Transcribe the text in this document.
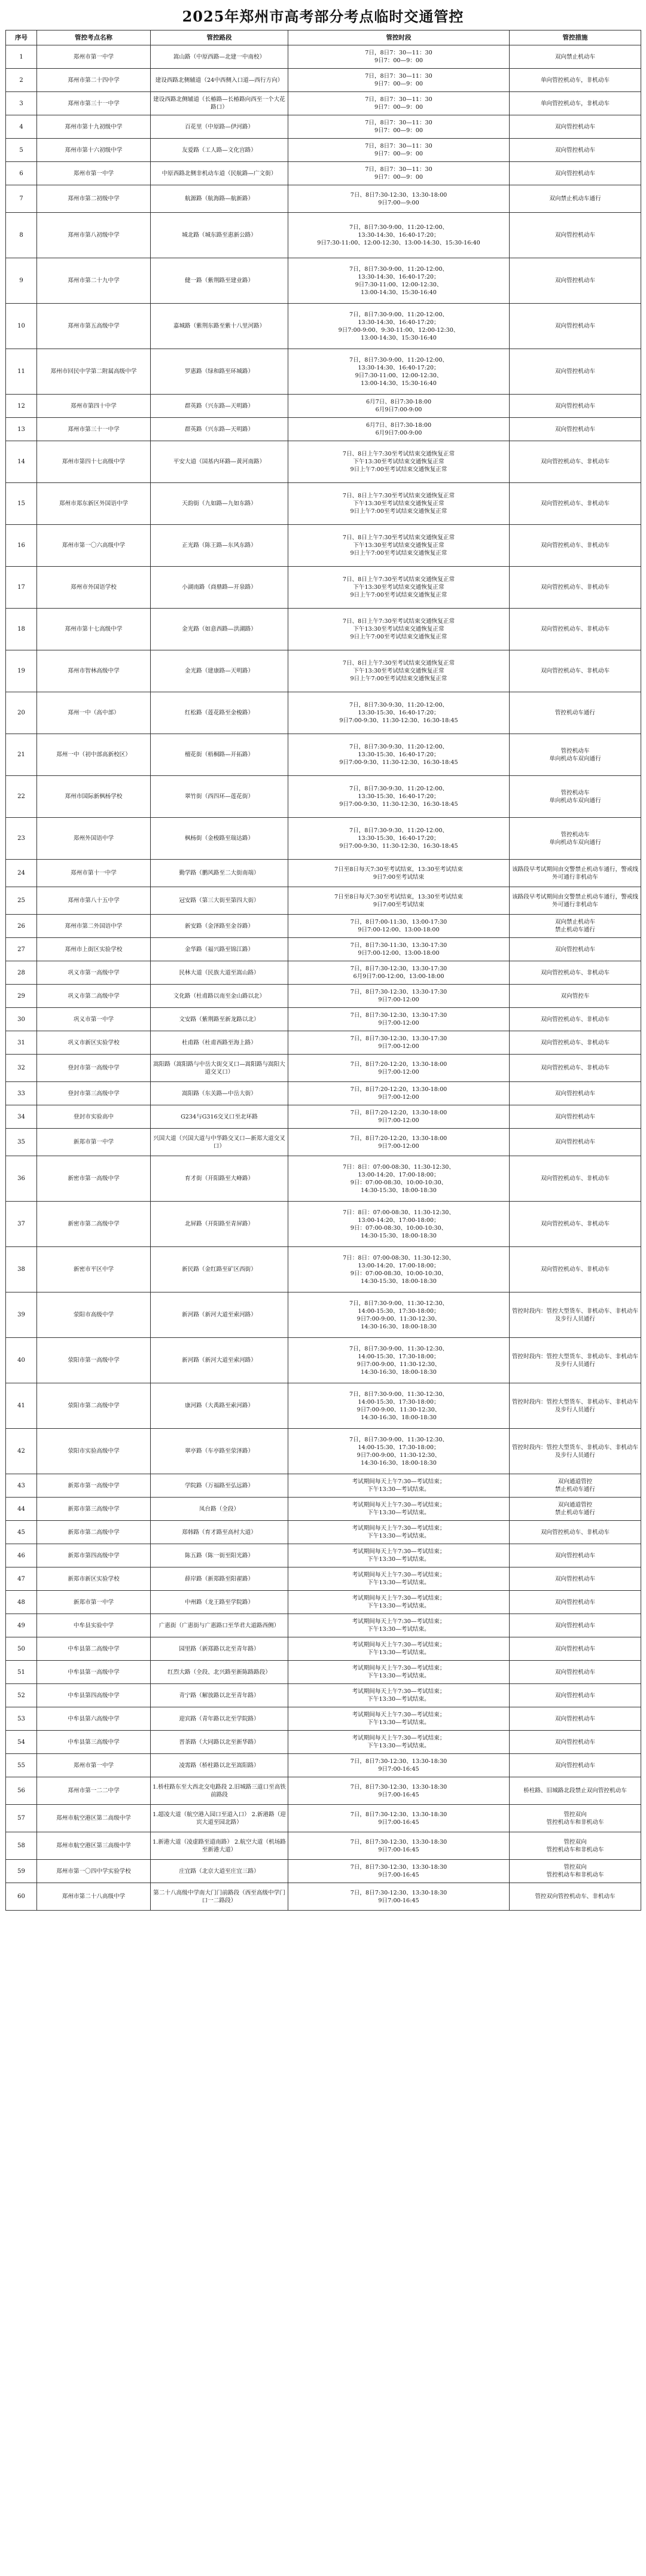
2025年郑州市高考部分考点临时交通管控
序号	管控考点名称	管控路段	管控时段	管控措施
1	郑州市第一中学	嵩山路（中原西路—北建一中南校）	7日，8日7：30—11：30
9日7：00—9：00	双向禁止机动车
2	郑州市第二十四中学	建设西路北侧辅道（24中西侧入口道—西行方向）	7日，8日7：30—11：30
9日7：00—9：00	单向管控机动车，非机动车
3	郑州市第三十一中学	建设西路北侧辅道（长椿路—长椿路向西至一个大花路口）	7日，8日7：30—11：30
9日7：00—9：00	单向管控机动车，非机动车
4	郑州市第十九初级中学	百花里（中原路—伊河路）	7日，8日7：30—11：30
9日7：00—9：00	双向管控机动车
5	郑州市第十六初级中学	友爱路（工人路—文化宫路）	7日，8日7：30—11：30
9日7：00—9：00	双向管控机动车
6	郑州市第一中学	中原西路北侧非机动车道（民航路—广文街）	7日，8日7：30—11：30
9日7：00—9：00	双向管控机动车
7	郑州市第二初级中学	航源路（航海路—航新路）	7日、8日7:30-12:30、13:30-18:00
9日7:00—9:00	双向禁止机动车通行
8	郑州市第八初级中学	城北路（城东路至惠新公路）	7日，8日7:30-9:00、11:20-12:00、
13:30-14:30、16:40-17:20；
9日7:30-11:00、12:00-12:30、13:00-14:30、15:30-16:40	双向管控机动车
9	郑州市第二十九中学	健一路（紫荆路至建业路）	7日，8日7:30-9:00、11:20-12:00、
13:30-14:30、16:40-17:20；
9日7:30-11:00、12:00-12:30、
13:00-14:30、15:30-16:40	双向管控机动车
10	郑州市第五高级中学	嘉城路（紫荆东路至紫十八里河路）	7日，8日7:30-9:00、11:20-12:00、
13:30-14:30、16:40-17:20；
9日7:00-9:00、9:30-11:00、12:00-12:30、
13:00-14:30、15:30-16:40	双向管控机动车
11	郑州市回民中学第二附属高级中学	罗惠路（绿和路至环城路）	7日，8日7:30-9:00、11:20-12:00、
13:30-14:30、16:40-17:20；
9日7:30-11:00、12:00-12:30、
13:00-14:30、15:30-16:40	双向管控机动车
12	郑州市第四十中学	群英路（兴东路—天明路）	6月7日、8日7:30-18:00
6月9日7:00-9:00	双向管控机动车
13	郑州市第三十一中学	群英路（兴东路—天明路）	6月7日、8日7:30-18:00
6月9日7:00-9:00	双向管控机动车
14	郑州市第四十七高级中学	平安大道（国基内环路—黄河南路）	7日、8日上午7:30至考试结束交通恢复正常
下午13:30至考试结束交通恢复正常
9日上午7:00至考试结束交通恢复正常	双向管控机动车、非机动车
15	郑州市郑东新区外国语中学	天韵街（九如路—九如东路）	7日、8日上午7:30至考试结束交通恢复正常
下午13:30至考试结束交通恢复正常
9日上午7:00至考试结束交通恢复正常	双向管控机动车、非机动车
16	郑州市第一〇六高级中学	正光路（陈王路—东风东路）	7日、8日上午7:30至考试结束交通恢复正常
下午13:30至考试结束交通恢复正常
9日上午7:00至考试结束交通恢复正常	双向管控机动车、非机动车
17	郑州市外国语学校	小湖南路（商鼎路—开泉路）	7日、8日上午7:30至考试结束交通恢复正常
下午13:30至考试结束交通恢复正常
9日上午7:00至考试结束交通恢复正常	双向管控机动车、非机动车
18	郑州市第十七高级中学	金光路（如意西路—洪湖路）	7日、8日上午7:30至考试结束交通恢复正常
下午13:30至考试结束交通恢复正常
9日上午7:00至考试结束交通恢复正常	双向管控机动车、非机动车
19	郑州市智林高级中学	金光路（建康路—天明路）	7日、8日上午7:30至考试结束交通恢复正常
下午13:30至考试结束交通恢复正常
9日上午7:00至考试结束交通恢复正常	双向管控机动车、非机动车
20	郑州一中（高中部）	红松路（莲花路至金梭路）	7日，8日7:30-9:30、11:20-12:00、
13:30-15:30、16:40-17:20；
9日7:00-9:30、11:30-12:30、16:30-18:45	管控机动车通行
21	郑州一中（初中部高新校区）	檀花街（梧桐路—开拓路）	7日，8日7:30-9:30、11:20-12:00、
13:30-15:30、16:40-17:20；
9日7:00-9:30、11:30-12:30、16:30-18:45	管控机动车
单向机动车双向通行
22	郑州市国际新枫杨学校	翠竹街（西四环—莲花街）	7日，8日7:30-9:30、11:20-12:00、
13:30-15:30、16:40-17:20；
9日7:00-9:30、11:30-12:30、16:30-18:45	管控机动车
单向机动车双向通行
23	郑州外国语中学	枫杨街（金梭路至瑞达路）	7日，8日7:30-9:30、11:20-12:00、
13:30-15:30、16:40-17:20；
9日7:00-9:30、11:30-12:30、16:30-18:45	管控机动车
单向机动车双向通行
24	郑州市第十一中学	勤学路（鹏风路至二大街南端）	7日至8日每天7:30至考试结束，13:30至考试结束
9日7:00至考试结束	该路段早考试期间由交警禁止机动车通行，警戒线外可通行非机动车
25	郑州市第八十五中学	冠安路（第三大街至第四大街）	7日至8日每天7:30至考试结束，13:30至考试结束
9日7:00至考试结束	该路段早考试期间由交警禁止机动车通行，警戒线外可通行非机动车
26	郑州市第二外国语中学	新安路（金泽路至金谷路）	7日，8日7:00-11:30、13:00-17:30
9日7:00-12:00、13:00-18:00	双向禁止机动车
禁止机动车通行
27	郑州市上街区实验学校	金华路（福兴路至锦江路）	7日，8日7:30-11:30、13:30-17:30
9日7:00-12:00、13:00-18:00	双向管控机动车
28	巩义市第一高级中学	民林大道（民族大道至嵩山路）	7日，8日7:30-12:30，13:30-17:30
6月9日7:00-12:00，13:00-18:00	双向管控机动车、非机动车
29	巩义市第二高级中学	文化路（杜甫路以南至金山路以北）	7日，8日7:30-12:30、13:30-17:30
9日7:00-12:00	双向管控车
30	巩义市第一中学	文安路（紫荆路至新龙路以北）	7日，8日7:30-12:30、13:30-17:30
9日7:00-12:00	双向管控机动车、非机动车
31	巩义市新区实验学校	杜甫路（杜甫西路至海上路）	7日，8日7:30-12:30、13:30-17:30
9日7:00-12:00	双向管控机动车、非机动车
32	登封市第一高级中学	嵩阳路（嵩阳路与中岳大街交叉口—嵩阳路与嵩阳大道交叉口）	7日，8日7:20-12:20，13:30-18:00
9日7:00-12:00	双向管控机动车、非机动车
33	登封市第三高级中学	嵩阳路（东关路—中岳大街）	7日，8日7:20-12:20，13:30-18:00
9日7:00-12:00	双向管控机动车
34	登封市实验高中	G234与G316交叉口至北环路	7日，8日7:20-12:20，13:30-18:00
9日7:00-12:00	双向管控机动车
35	新郑市第一中学	兴国大道（兴国大道与中华路交叉口—新郑大道交叉口）	7日，8日7:20-12:20，13:30-18:00
9日7:00-12:00	双向管控机动车
36	新密市第一高级中学	育才街（开阳路至大峰路）	7日：8日：07:00-08:30、11:30-12:30、
13:00-14:20、17:00-18:00；
9日：07:00-08:30、10:00-10:30、
14:30-15:30、18:00-18:30	双向管控机动车、非机动车
37	新密市第二高级中学	北屏路（开阳路至青屏路）	7日：8日：07:00-08:30、11:30-12:30、
13:00-14:20、17:00-18:00；
9日：07:00-08:30、10:00-10:30、
14:30-15:30、18:00-18:30	双向管控机动车、非机动车
38	新密市平区中学	新民路（金红路至矿区西街）	7日：8日：07:00-08:30、11:30-12:30、
13:00-14:20、17:00-18:00；
9日：07:00-08:30、10:00-10:30、
14:30-15:30、18:00-18:30	双向管控机动车、非机动车
39	荥阳市高级中学	新河路（新河大道至索河路）	7日，8日7:30-9:00、11:30-12:30、
14:00-15:30、17:30-18:00；
9日7:00-9:00、11:30-12:30、
14:30-16:30、18:00-18:30	管控时段内：管控大型货车、非机动车、非机动车及步行人员通行
40	荥阳市第一高级中学	新河路（新河大道至索河路）	7日，8日7:30-9:00、11:30-12:30、
14:00-15:30、17:30-18:00；
9日7:00-9:00、11:30-12:30、
14:30-16:30、18:00-18:30	管控时段内：管控大型货车、非机动车、非机动车及步行人员通行
41	荥阳市第二高级中学	康河路（大禹路至索河路）	7日，8日7:30-9:00、11:30-12:30、
14:00-15:30、17:30-18:00；
9日7:00-9:00、11:30-12:30、
14:30-16:30、18:00-18:30	管控时段内：管控大型货车、非机动车、非机动车及步行人员通行
42	荥阳市实验高级中学	翠亭路（车亭路至荥泽路）	7日，8日7:30-9:00、11:30-12:30、
14:00-15:30、17:30-18:00；
9日7:00-9:00、11:30-12:30、
14:30-16:30、18:00-18:30	管控时段内：管控大型货车、非机动车、非机动车及步行人员通行
43	新郑市第一高级中学	学院路（万福路至弘远路）	考试期间每天上午7:30—考试结束；
下午13:30—考试结束。	双向通道管控
禁止机动车通行
44	新郑市第三高级中学	凤台路（全段）	考试期间每天上午7:30—考试结束；
下午13:30—考试结束。	双向通道管控
禁止机动车通行
45	新郑市第二高级中学	郑韩路（育才路至高村大道）	考试期间每天上午7:30—考试结束；
下午13:30—考试结束。	双向管控机动车、非机动车
46	新郑市第四高级中学	陈五路（陈一街至阳光路）	考试期间每天上午7:30—考试结束；
下午13:30—考试结束。	双向管控机动车
47	新郑市新区实验学校	薛岸路（新郑路至阳翟路）	考试期间每天上午7:30—考试结束；
下午13:30—考试结束。	双向管控机动车
48	新郑市第一中学	中州路（龙王路至学院路）	考试期间每天上午7:30—考试结束；
下午13:30—考试结束。	双向管控机动车
49	中牟县实验中学	广惠街（广惠街与广惠路口至华君大道路西侧）	考试期间每天上午7:30—考试结束；
下午13:30—考试结束。	双向管控机动车
50	中牟县第二高级中学	园里路（新郑路以北至青年路）	考试期间每天上午7:30—考试结束；
下午13:30—考试结束。	双向管控机动车
51	中牟县第一高级中学	红烈大路（全段、北兴路至新陈路路段）	考试期间每天上午7:30—考试结束；
下午13:30—考试结束。	双向管控机动车
52	中牟县第四高级中学	青宁路（解放路以北至青年路）	考试期间每天上午7:30—考试结束；
下午13:30—考试结束。	双向管控机动车
53	中牟县第六高级中学	迎宾路（青年路以北至学院路）	考试期间每天上午7:30—考试结束；
下午13:30—考试结束。	双向管控机动车
54	中牟县第三高级中学	晋茶路（大同路以北至新华路）	考试期间每天上午7:30—考试结束；
下午13:30—考试结束。	双向管控机动车
55	郑州市第一中学	凌霄路（桥柱路以北至嵩阳路）	7日，8日7:30-12:30、13:30-18:30
9日7:00-16:45	双向管控机动车
56	郑州市第一二二中学	1.桥柱路东至大西北交电路段 2.旧城路三道口至高铁前路段	7日，8日7:30-12:30、13:30-18:30
9日7:00-16:45	桥柱路、旧城路北段禁止双向管控机动车
57	郑州市航空港区第二高级中学	1.超凌大道（航空港入园口至道入口） 2.新港路（迎宾大道至园北路）	7日，8日7:30-12:30、13:30-18:30
9日7:00-16:45	管控双向
管控机动车和非机动车
58	郑州市航空港区第三高级中学	1.新港大道（凌虚路至道南路） 2.航空大道（机场路至新港大道）	7日，8日7:30-12:30、13:30-18:30
9日7:00-16:45	管控双向
管控机动车和非机动车
59	郑州市第一〇四中学实验学校	庄宜路（北京大道至庄宜三路）	7日，8日7:30-12:30、13:30-18:30
9日7:00-16:45	管控双向
管控机动车和非机动车
60	郑州市第二十八高级中学	第二十八高级中学南大门门前路段（西至高级中学门口一二路段）	7日，8日7:30-12:30、13:30-18:30
9日7:00-16:45	管控双向管控机动车、非机动车
